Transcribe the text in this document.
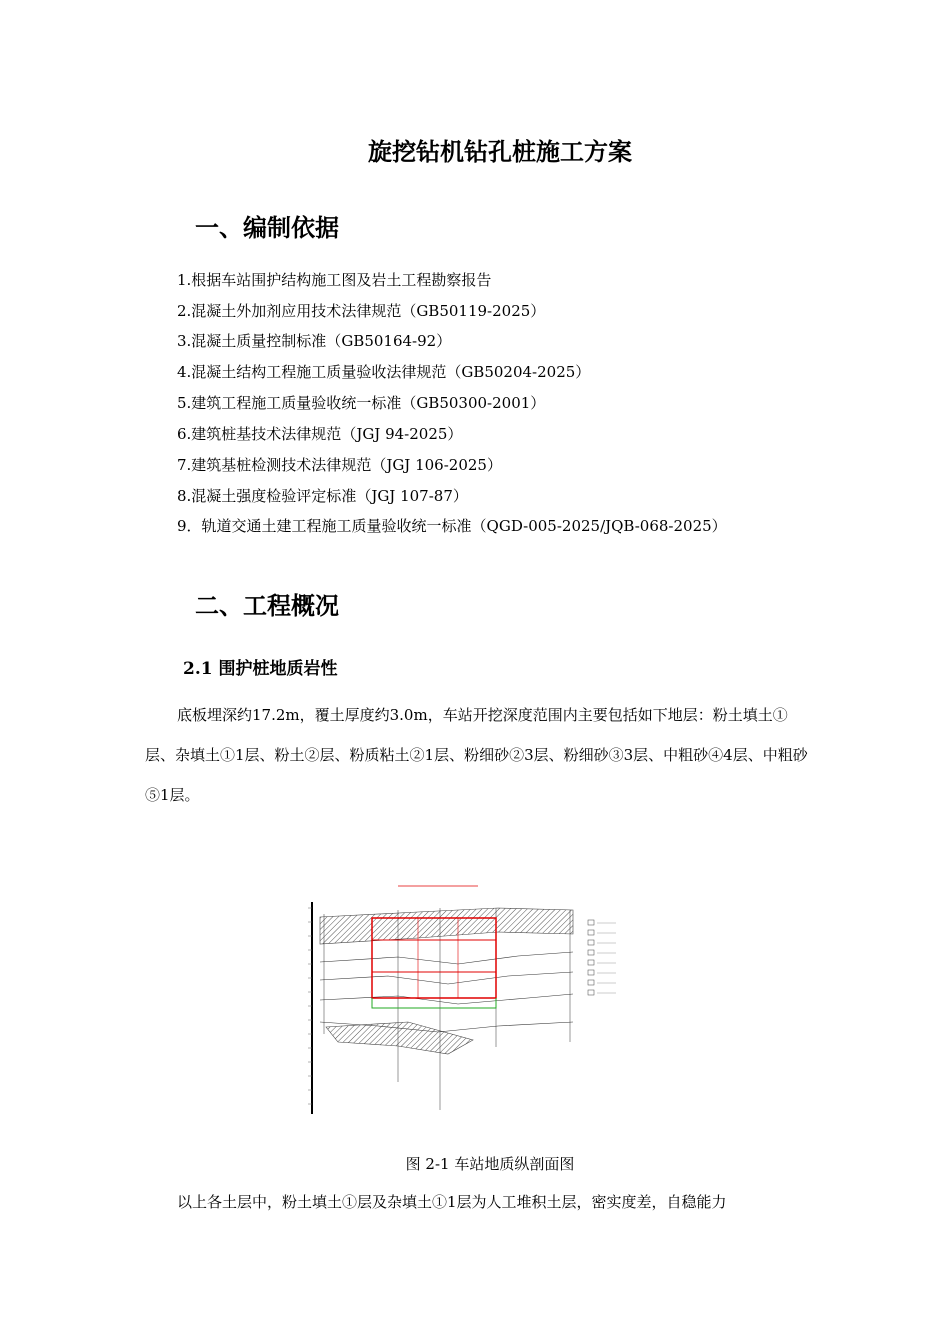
旋挖钻机钻孔桩施工方案
一、编制依据
1.根据车站围护结构施工图及岩土工程勘察报告
2.混凝土外加剂应用技术法律规范（GB50119-2025）
3.混凝土质量控制标准（GB50164-92）
4.混凝土结构工程施工质量验收法律规范（GB50204-2025）
5.建筑工程施工质量验收统一标准（GB50300-2001）
6.建筑桩基技术法律规范（JGJ 94-2025）
7.建筑基桩检测技术法律规范（JGJ 106-2025）
8.混凝土强度检验评定标准（JGJ 107-87）
9．轨道交通土建工程施工质量验收统一标准（QGD-005-2025/JQB-068-2025）
二、工程概况
2.1 围护桩地质岩性
底板埋深约17.2m，覆土厚度约3.0m，车站开挖深度范围内主要包括如下地层：粉土填土①层、杂填土①1层、粉土②层、粉质粘土②1层、粉细砂②3层、粉细砂③3层、中粗砂④4层、中粗砂⑤1层。
图 2-1 车站地质纵剖面图
以上各土层中，粉土填土①层及杂填土①1层为人工堆积土层，密实度差，自稳能力
